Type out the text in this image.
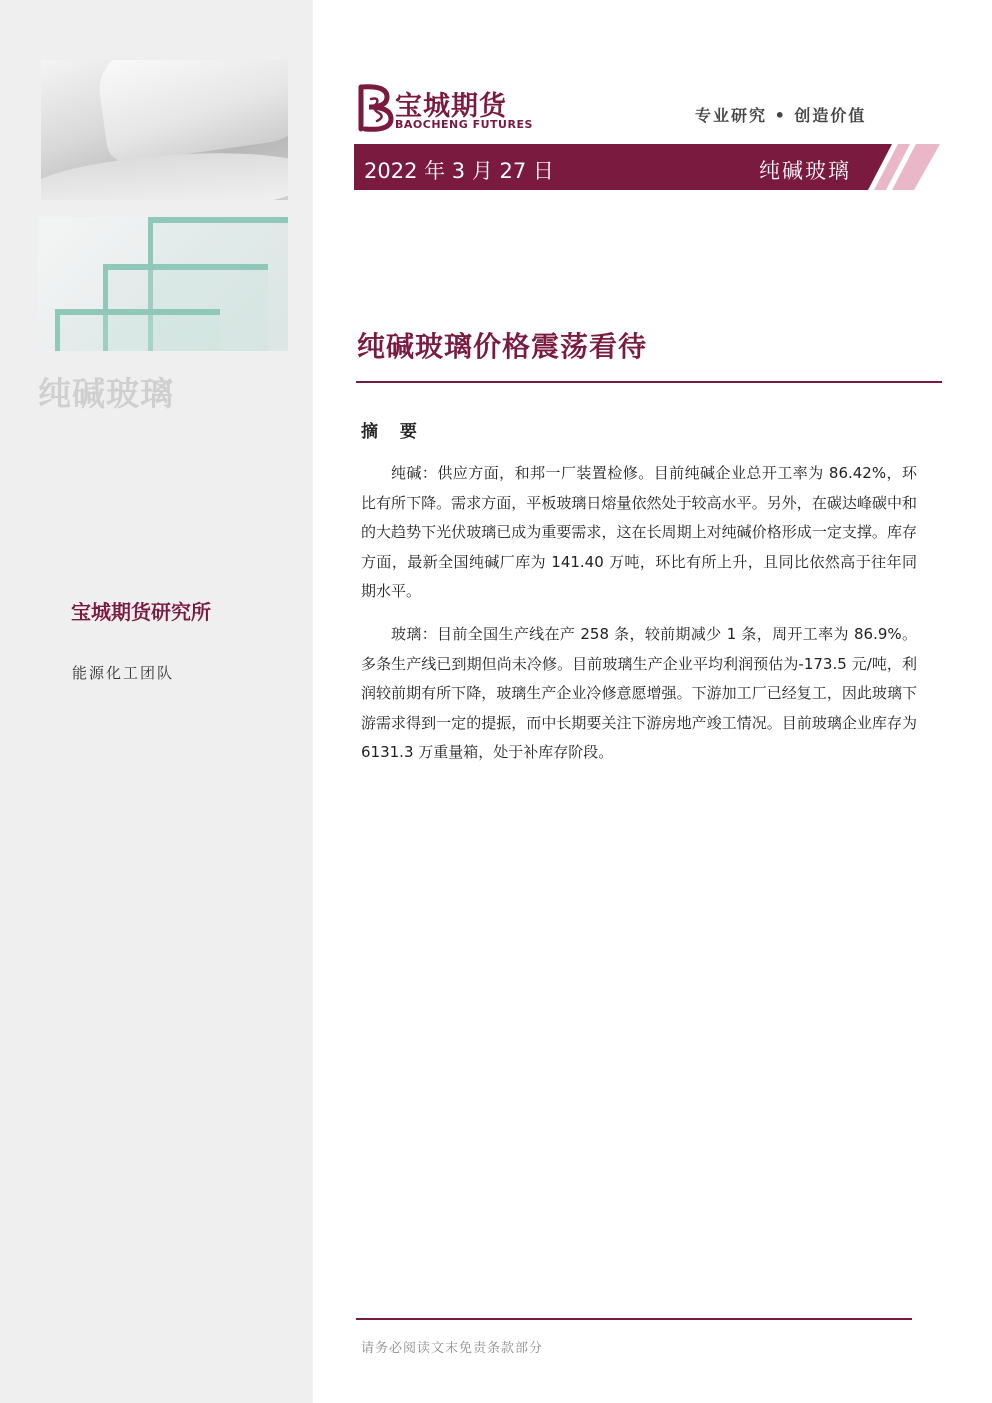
纯碱玻璃
宝城期货研究所
能源化工团队
宝城期货
BAOCHENG FUTURES	专业研究 • 创造价值
2022 年 3 月 27 日	纯碱玻璃
纯碱玻璃价格震荡看待
摘 要

纯碱：供应方面，和邦一厂装置检修。目前纯碱企业总开工率为 86.42%，环比有所下降。需求方面，平板玻璃日熔量依然处于较高水平。另外，在碳达峰碳中和的大趋势下光伏玻璃已成为重要需求，这在长周期上对纯碱价格形成一定支撑。库存方面，最新全国纯碱厂库为 141.40 万吨，环比有所上升，且同比依然高于往年同期水平。

玻璃：目前全国生产线在产 258 条，较前期减少 1 条，周开工率为 86.9%。多条生产线已到期但尚未冷修。目前玻璃生产企业平均利润预估为-173.5 元/吨，利润较前期有所下降，玻璃生产企业冷修意愿增强。下游加工厂已经复工，因此玻璃下游需求得到一定的提振，而中长期要关注下游房地产竣工情况。目前玻璃企业库存为 6131.3 万重量箱，处于补库存阶段。

请务必阅读文末免责条款部分
